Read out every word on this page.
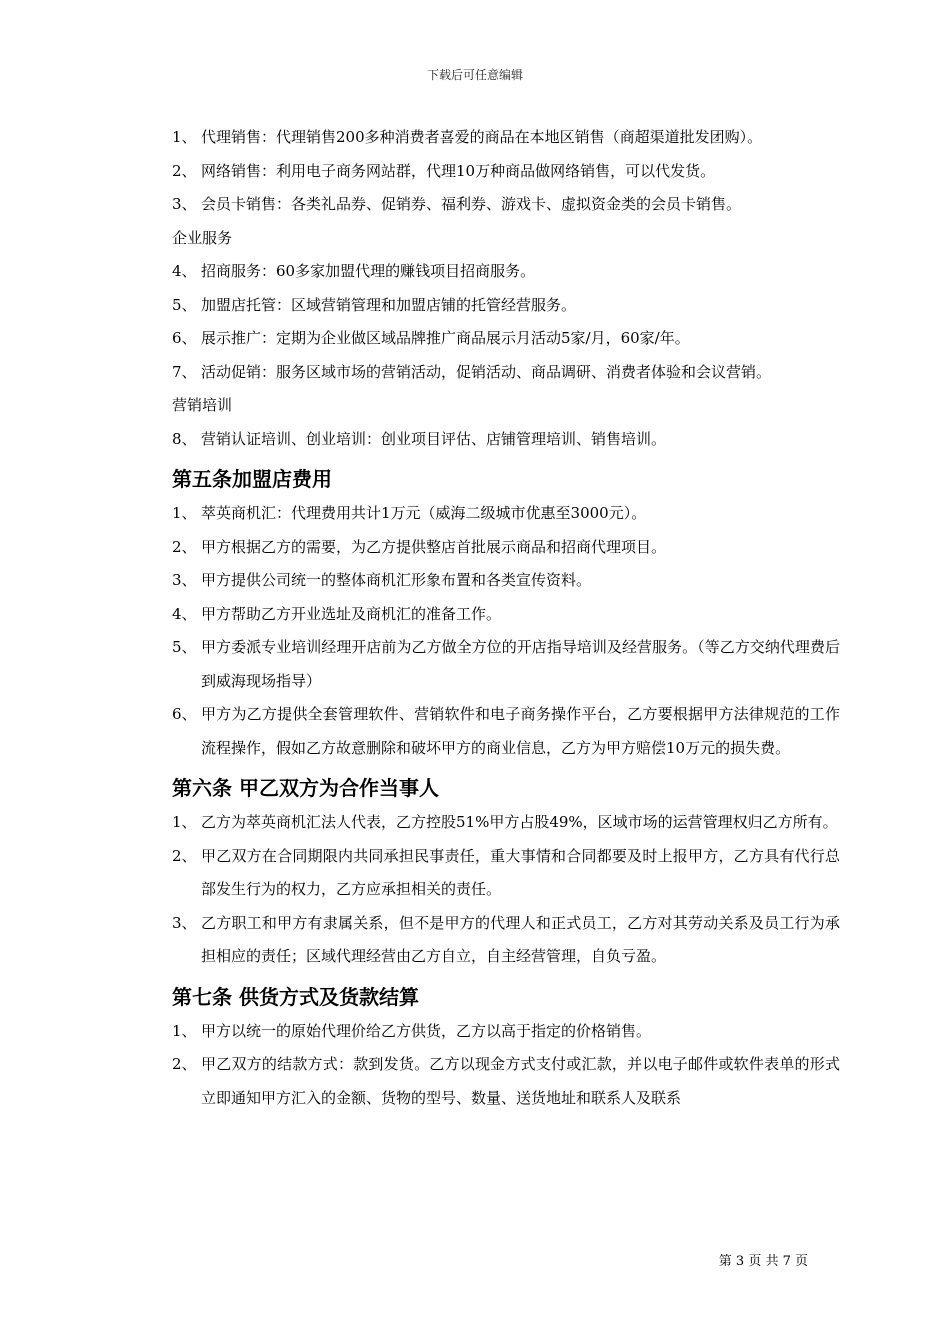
下载后可任意编辑
1、 代理销售：代理销售200多种消费者喜爱的商品在本地区销售（商超渠道批发团购）。
2、 网络销售：利用电子商务网站群，代理10万种商品做网络销售，可以代发货。
3、 会员卡销售：各类礼品券、促销券、福利券、游戏卡、虚拟资金类的会员卡销售。
企业服务
4、 招商服务：60多家加盟代理的赚钱项目招商服务。
5、 加盟店托管：区域营销管理和加盟店铺的托管经营服务。
6、 展示推广：定期为企业做区域品牌推广商品展示月活动5家/月，60家/年。
7、 活动促销：服务区域市场的营销活动，促销活动、商品调研、消费者体验和会议营销。
营销培训
8、 营销认证培训、创业培训：创业项目评估、店铺管理培训、销售培训。
第五条加盟店费用
1、 萃英商机汇：代理费用共计1万元（威海二级城市优惠至3000元）。
2、 甲方根据乙方的需要，为乙方提供整店首批展示商品和招商代理项目。
3、 甲方提供公司统一的整体商机汇形象布置和各类宣传资料。
4、 甲方帮助乙方开业选址及商机汇的准备工作。
5、 甲方委派专业培训经理开店前为乙方做全方位的开店指导培训及经营服务。（等乙方交纳代理费后到威海现场指导）
6、 甲方为乙方提供全套管理软件、营销软件和电子商务操作平台，乙方要根据甲方法律规范的工作流程操作，假如乙方故意删除和破坏甲方的商业信息，乙方为甲方赔偿10万元的损失费。
第六条 甲乙双方为合作当事人
1、 乙方为萃英商机汇法人代表，乙方控股51%甲方占股49%，区域市场的运营管理权归乙方所有。
2、 甲乙双方在合同期限内共同承担民事责任，重大事情和合同都要及时上报甲方，乙方具有代行总部发生行为的权力，乙方应承担相关的责任。
3、 乙方职工和甲方有隶属关系，但不是甲方的代理人和正式员工，乙方对其劳动关系及员工行为承担相应的责任；区域代理经营由乙方自立，自主经营管理，自负亏盈。
第七条 供货方式及货款结算
1、 甲方以统一的原始代理价给乙方供货，乙方以高于指定的价格销售。
2、 甲乙双方的结款方式：款到发货。乙方以现金方式支付或汇款，并以电子邮件或软件表单的形式立即通知甲方汇入的金额、货物的型号、数量、送货地址和联系人及联系
第 3 页 共 7 页
